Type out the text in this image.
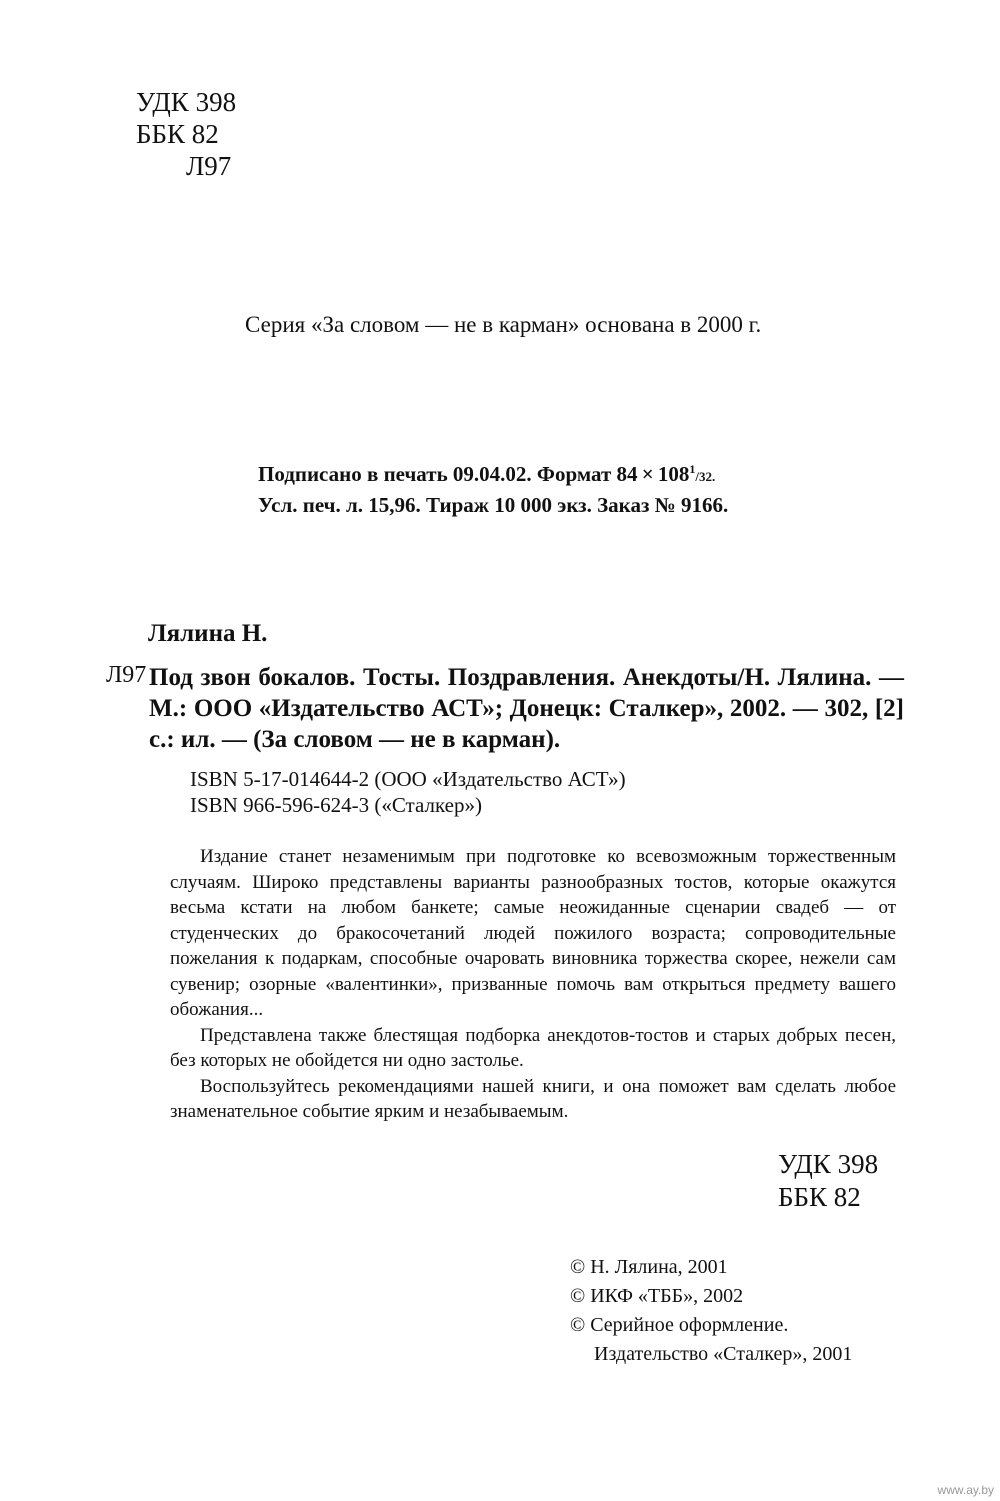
УДК 398
ББК 82
Л97
Серия «За словом — не в карман» основана в 2000 г.
Подписано в печать 09.04.02. Формат $84 \times 108^1/32$.
Усл. печ. л. 15,96. Тираж 10 000 экз. Заказ № 9166.
Лялина Н.
Л97 Под звон бокалов. Тосты. Поздравления. Анекдоты/Н. Лялина. — М.: ООО «Издательство АСТ»; Донецк: Сталкер», 2002. — 302, [2] с.: ил. — (За словом — не в карман).
ISBN 5-17-014644-2 (ООО «Издательство АСТ»)
ISBN 966-596-624-3 («Сталкер»)

Издание станет незаменимым при подготовке ко всевозможным торжественным случаям. Широко представлены варианты разнообразных тостов, которые окажутся весьма кстати на любом банкете; самые неожиданные сценарии свадеб — от студенческих до бракосочетаний людей пожилого возраста; сопроводительные пожелания к подаркам, способные очаровать виновника торжества скорее, нежели сам сувенир; озорные «валентинки», призванные помочь вам открыться предмету вашего обожания...

Представлена также блестящая подборка анекдотов-тостов и старых добрых песен, без которых не обойдется ни одно застолье.

Воспользуйтесь рекомендациями нашей книги, и она поможет вам сделать любое знаменательное событие ярким и незабываемым.

УДК 398
ББК 82
© Н. Лялина, 2001
© ИКФ «ТББ», 2002
© Серийное оформление.
Издательство «Сталкер», 2001
www.ay.by
